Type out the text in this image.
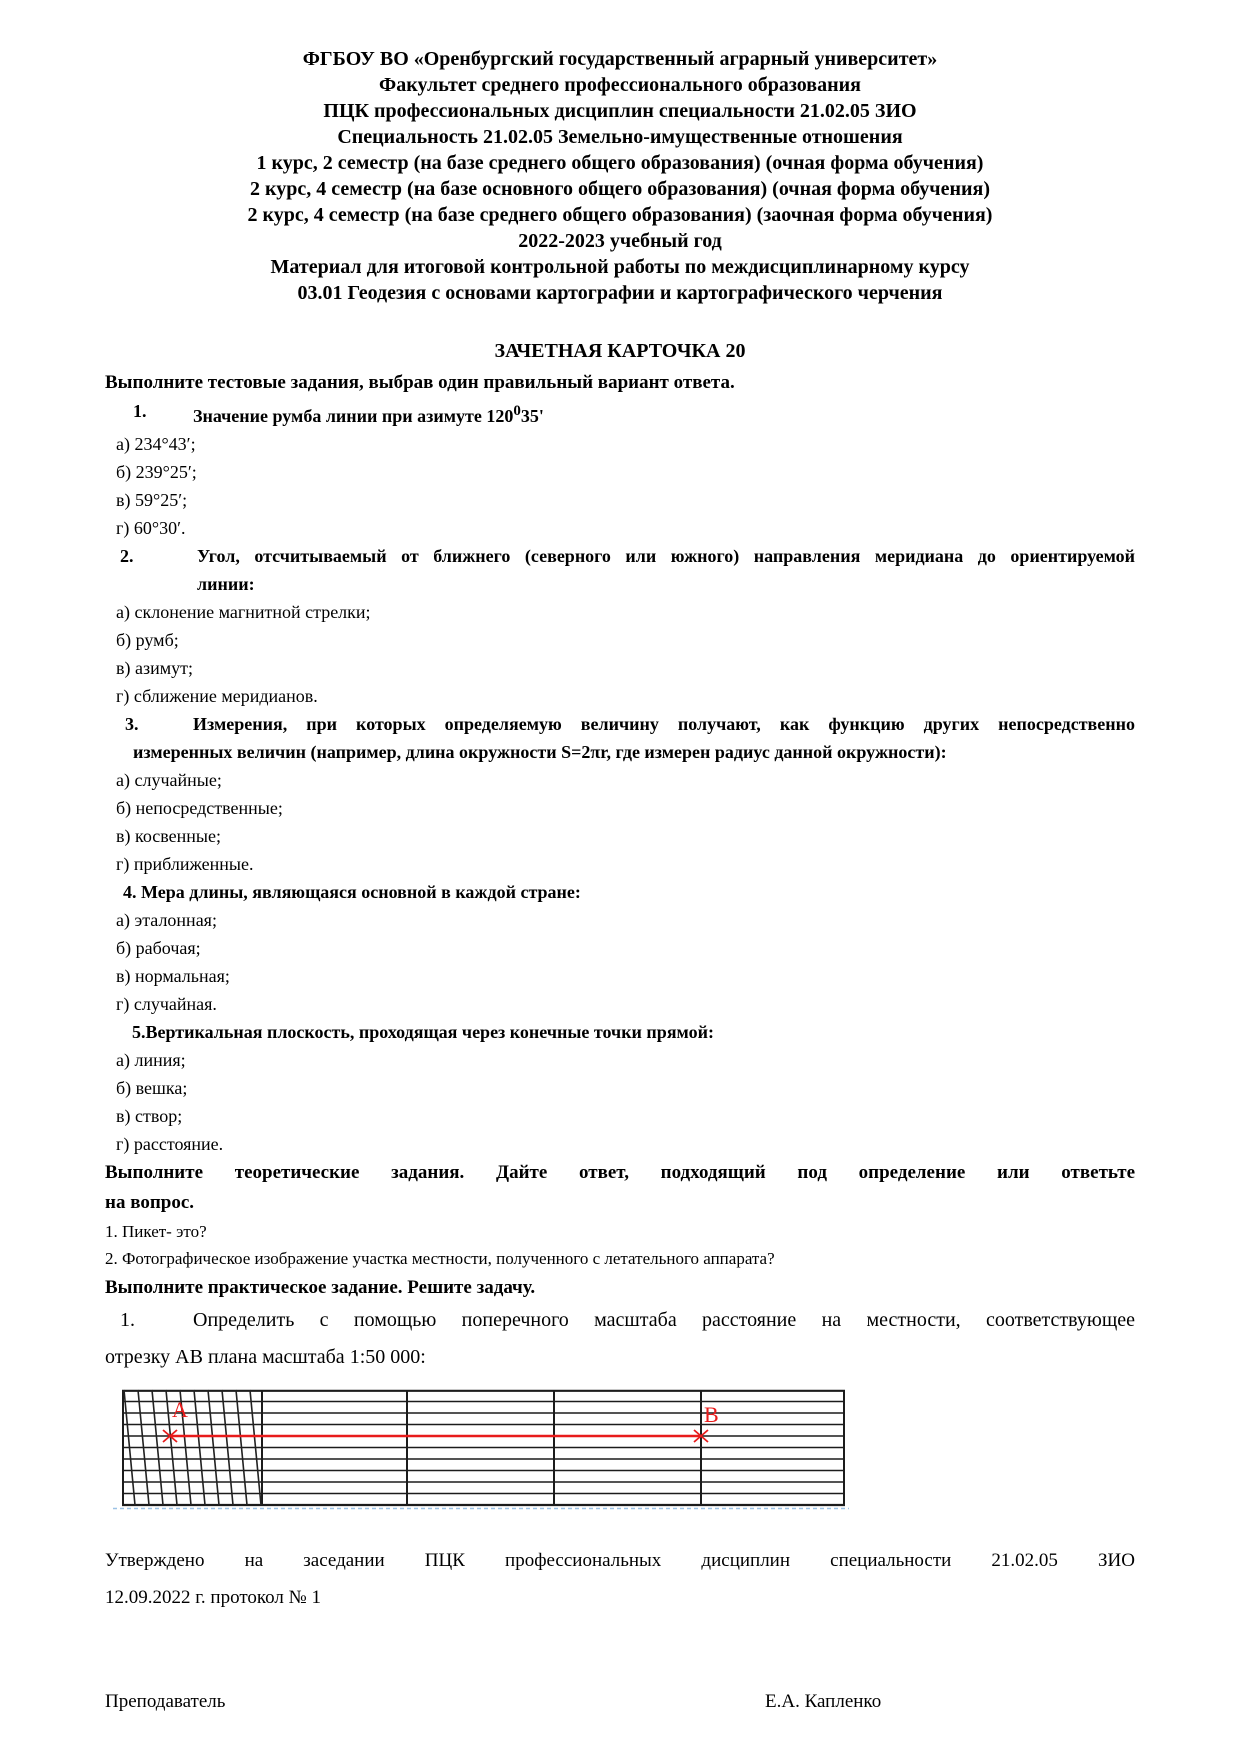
ФГБОУ ВО «Оренбургский государственный аграрный университет»
Факультет среднего профессионального образования
ПЦК профессиональных дисциплин специальности 21.02.05 ЗИО
Специальность 21.02.05 Земельно-имущественные отношения
1 курс, 2 семестр (на базе среднего общего образования) (очная форма обучения)
2 курс, 4 семестр (на базе основного общего образования) (очная форма обучения)
2 курс, 4 семестр (на базе среднего общего образования) (заочная форма обучения)
2022-2023 учебный год
Материал для итоговой контрольной работы по междисциплинарному курсу
03.01 Геодезия с основами картографии и картографического черчения
ЗАЧЕТНАЯ КАРТОЧКА 20
Выполните тестовые задания, выбрав один правильный вариант ответа.
1.	Значение румба линии при азимуте $120^035'$
а) 234°43′;
б) 239°25′;
в) 59°25′;
г) 60°30′.
2.	Угол, отсчитываемый от ближнего (северного или южного) направления меридиана до ориентируемой
линии:
а) склонение магнитной стрелки;
б) румб;
в) азимут;
г) сближение меридианов.
3.	Измерения, при которых определяемую величину получают, как функцию других непосредственно
измеренных величин (например, длина окружности S=2πr, где измерен радиус данной окружности):
а) случайные;
б) непосредственные;
в) косвенные;
г) приближенные.
4. Мера длины, являющаяся основной в каждой стране:
а) эталонная;
б) рабочая;
в) нормальная;
г) случайная.
5.Вертикальная плоскость, проходящая через конечные точки прямой:
а) линия;
б) вешка;
в) створ;
г) расстояние.
Выполните теоретические задания. Дайте ответ, подходящий под определение или ответьте
на вопрос.
1. Пикет- это?
2. Фотографическое изображение участка местности, полученного с летательного аппарата?
Выполните практическое задание. Решите задачу.
1.	Определить с помощью поперечного масштаба расстояние на местности, соответствующее
отрезку АВ плана масштаба 1:50 000:
А	В
Утверждено на заседании ПЦК профессиональных дисциплин специальности 21.02.05 ЗИО
12.09.2022 г. протокол № 1
Преподаватель	Е.А. Капленко
